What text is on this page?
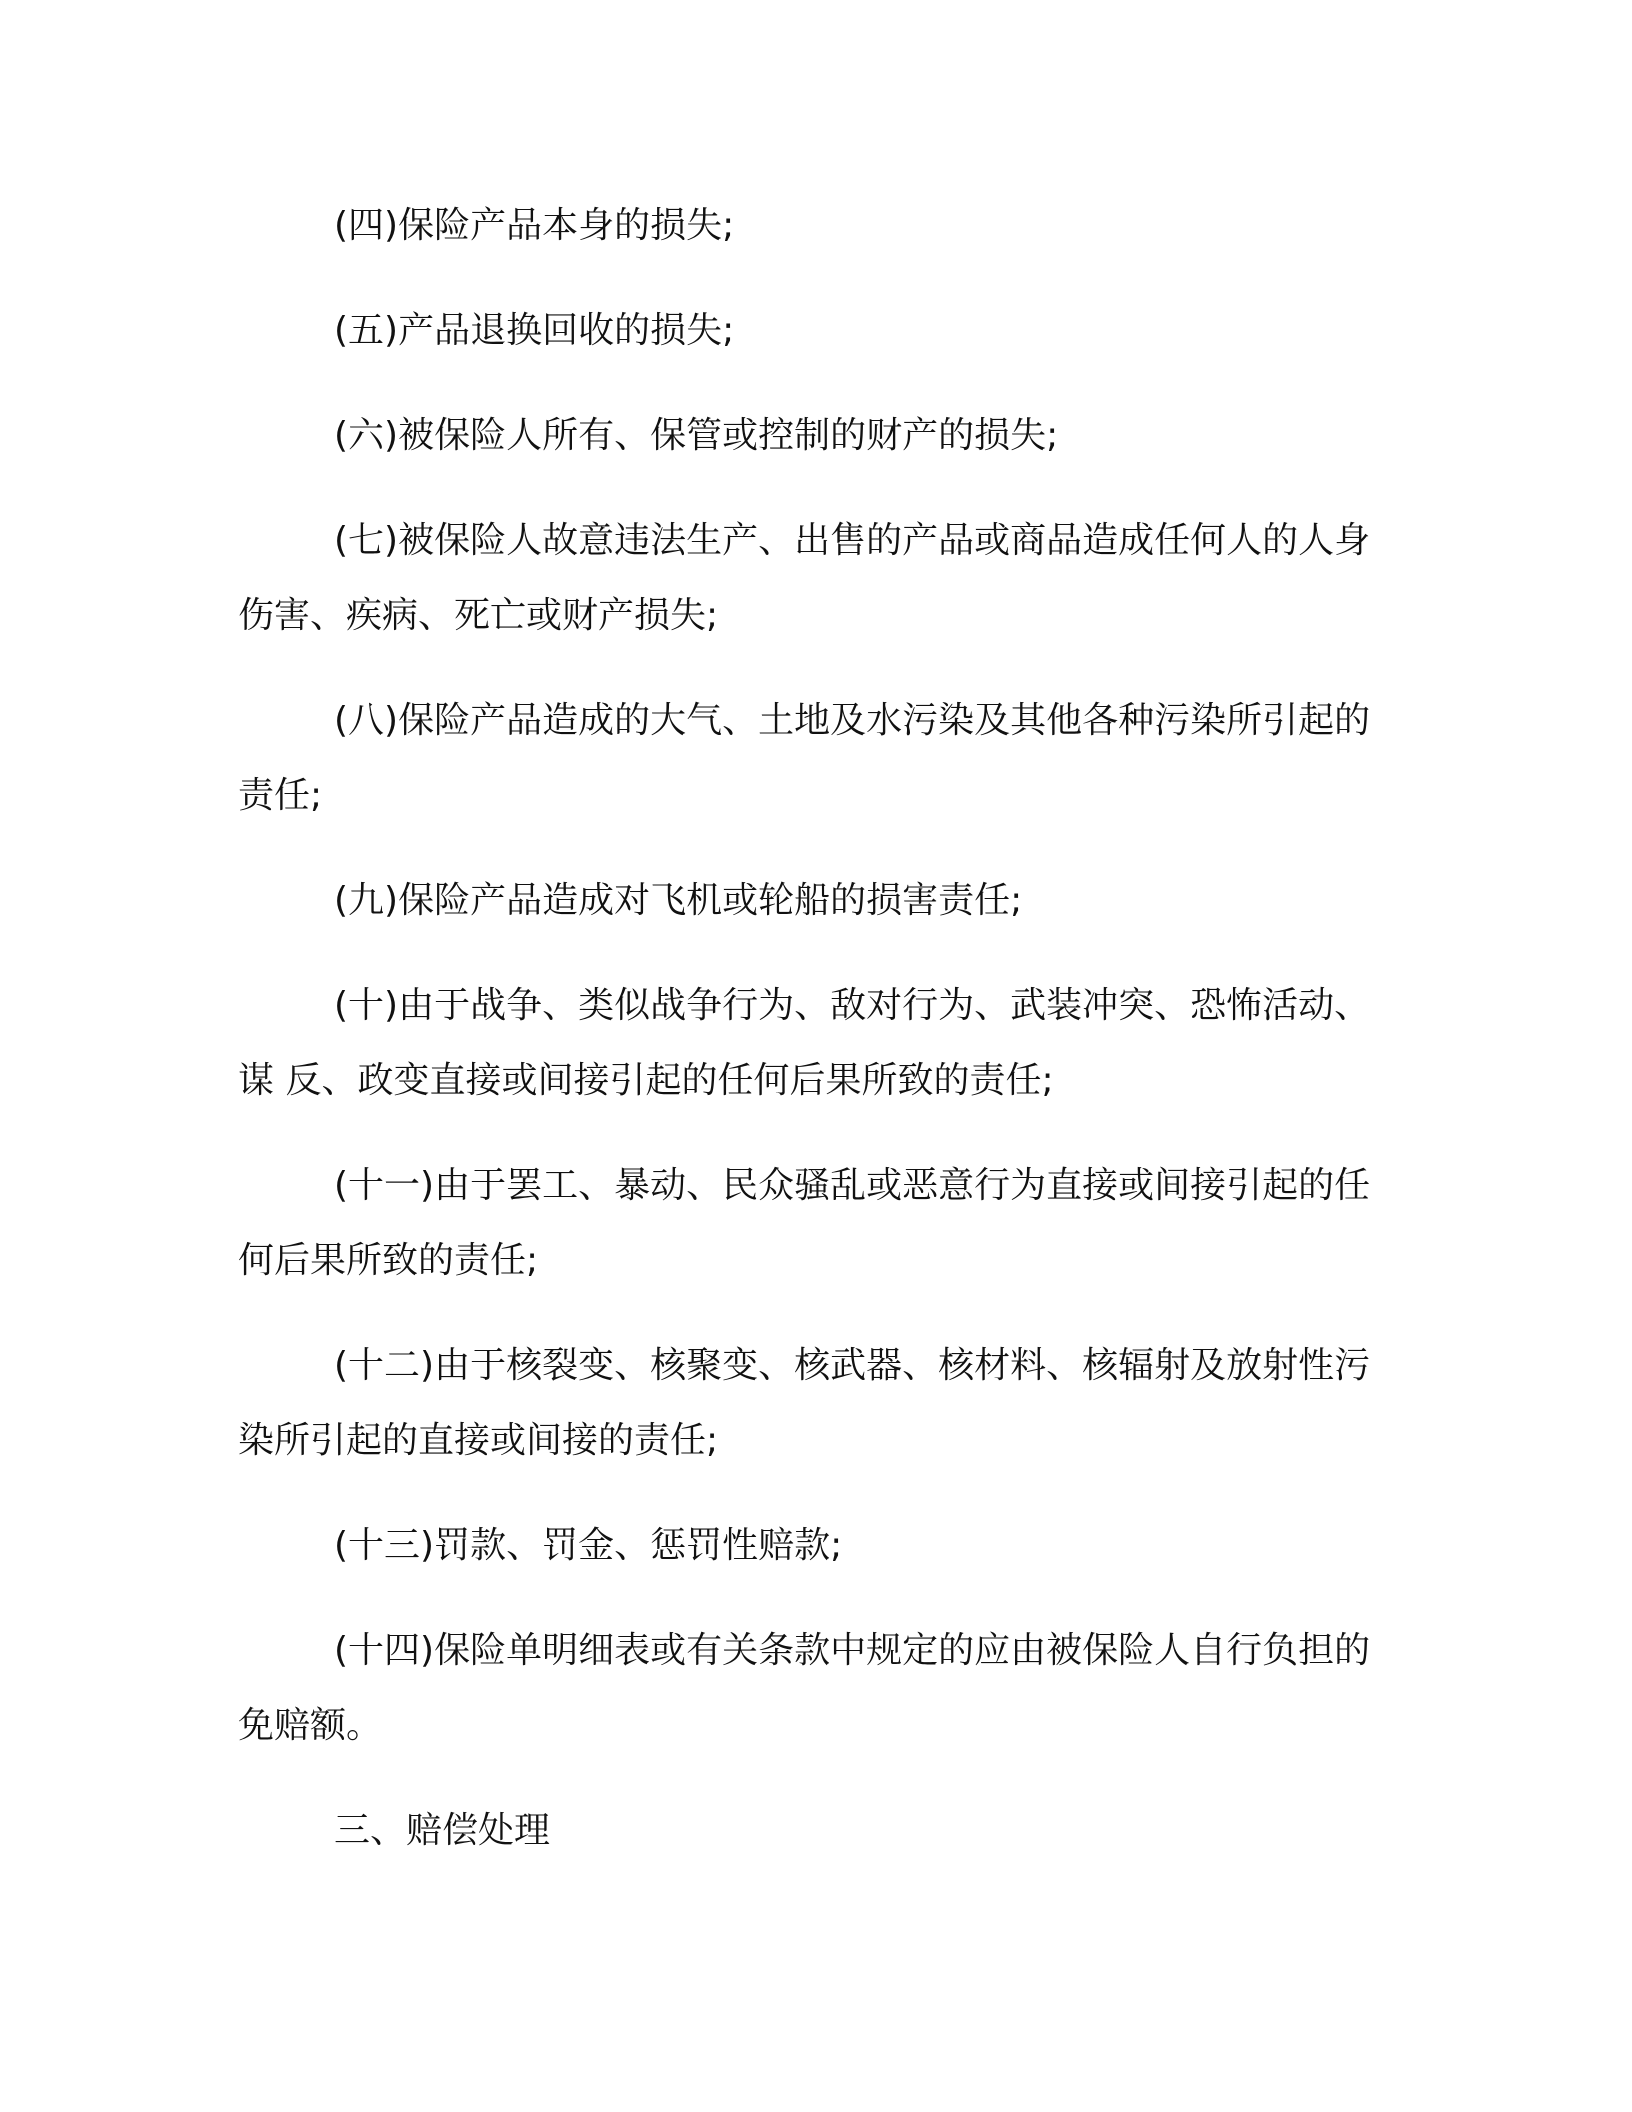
(四)保险产品本身的损失;

(五)产品退换回收的损失;

(六)被保险人所有、保管或控制的财产的损失;

(七)被保险人故意违法生产、出售的产品或商品造成任何人的人身伤害、疾病、死亡或财产损失;

(八)保险产品造成的大气、土地及水污染及其他各种污染所引起的责任;

(九)保险产品造成对飞机或轮船的损害责任;

(十)由于战争、类似战争行为、敌对行为、武装冲突、恐怖活动、谋 反、政变直接或间接引起的任何后果所致的责任;

(十一)由于罢工、暴动、民众骚乱或恶意行为直接或间接引起的任何后果所致的责任;

(十二)由于核裂变、核聚变、核武器、核材料、核辐射及放射性污染所引起的直接或间接的责任;

(十三)罚款、罚金、惩罚性赔款;

(十四)保险单明细表或有关条款中规定的应由被保险人自行负担的免赔额。

三、赔偿处理
